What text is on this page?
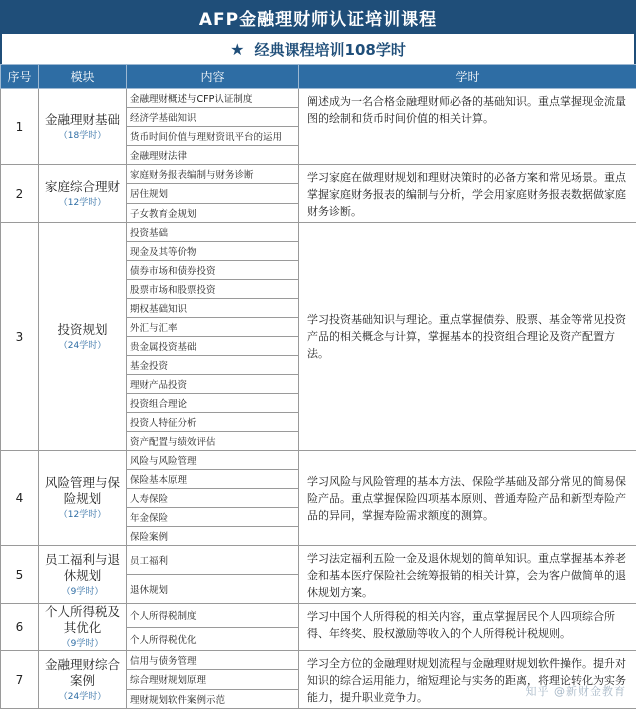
AFP金融理财师认证培训课程
★ 经典课程培训108学时
序号	模块	内容	学时
1	金融理财基础
（18学时）	金融理财概述与CFP认证制度	阐述成为一名合格金融理财师必备的基础知识。重点掌握现金流量图的绘制和货币时间价值的相关计算。
		经济学基础知识	
		货币时间价值与理财资讯平台的运用	
		金融理财法律	
2	家庭综合理财
（12学时）	家庭财务报表编制与财务诊断	学习家庭在做理财规划和理财决策时的必备方案和常见场景。重点掌握家庭财务报表的编制与分析，学会用家庭财务报表数据做家庭财务诊断。
		居住规划	
		子女教育金规划	
3	投资规划
（24学时）	投资基础	学习投资基础知识与理论。重点掌握债券、股票、基金等常见投资产品的相关概念与计算，掌握基本的投资组合理论及资产配置方法。
		现金及其等价物	
		债券市场和债券投资	
		股票市场和股票投资	
		期权基础知识	
		外汇与汇率	
		贵金属投资基础	
		基金投资	
		理财产品投资	
		投资组合理论	
		投资人特征分析	
		资产配置与绩效评估	
4	风险管理与保险规划
（12学时）	风险与风险管理	学习风险与风险管理的基本方法、保险学基础及部分常见的简易保险产品。重点掌握保险四项基本原则、普通寿险产品和新型寿险产品的异同，掌握寿险需求额度的测算。
		保险基本原理	
		人寿保险	
		年金保险	
		保险案例	
5	员工福利与退休规划
（9学时）	员工福利	学习法定福利五险一金及退休规划的简单知识。重点掌握基本养老金和基本医疗保险社会统筹报销的相关计算，会为客户做简单的退休规划方案。
		退休规划	
6	个人所得税及其优化
（9学时）	个人所得税制度	学习中国个人所得税的相关内容，重点掌握居民个人四项综合所得、年终奖、股权激励等收入的个人所得税计税规则。
		个人所得税优化	
7	金融理财综合案例
（24学时）	信用与债务管理	学习全方位的金融理财规划流程与金融理财规划软件操作。提升对知识的综合运用能力，缩短理论与实务的距离，将理论转化为实务能力，提升职业竞争力。
		综合理财规划原理	
		理财规划软件案例示范	
知乎 @新财金教育
